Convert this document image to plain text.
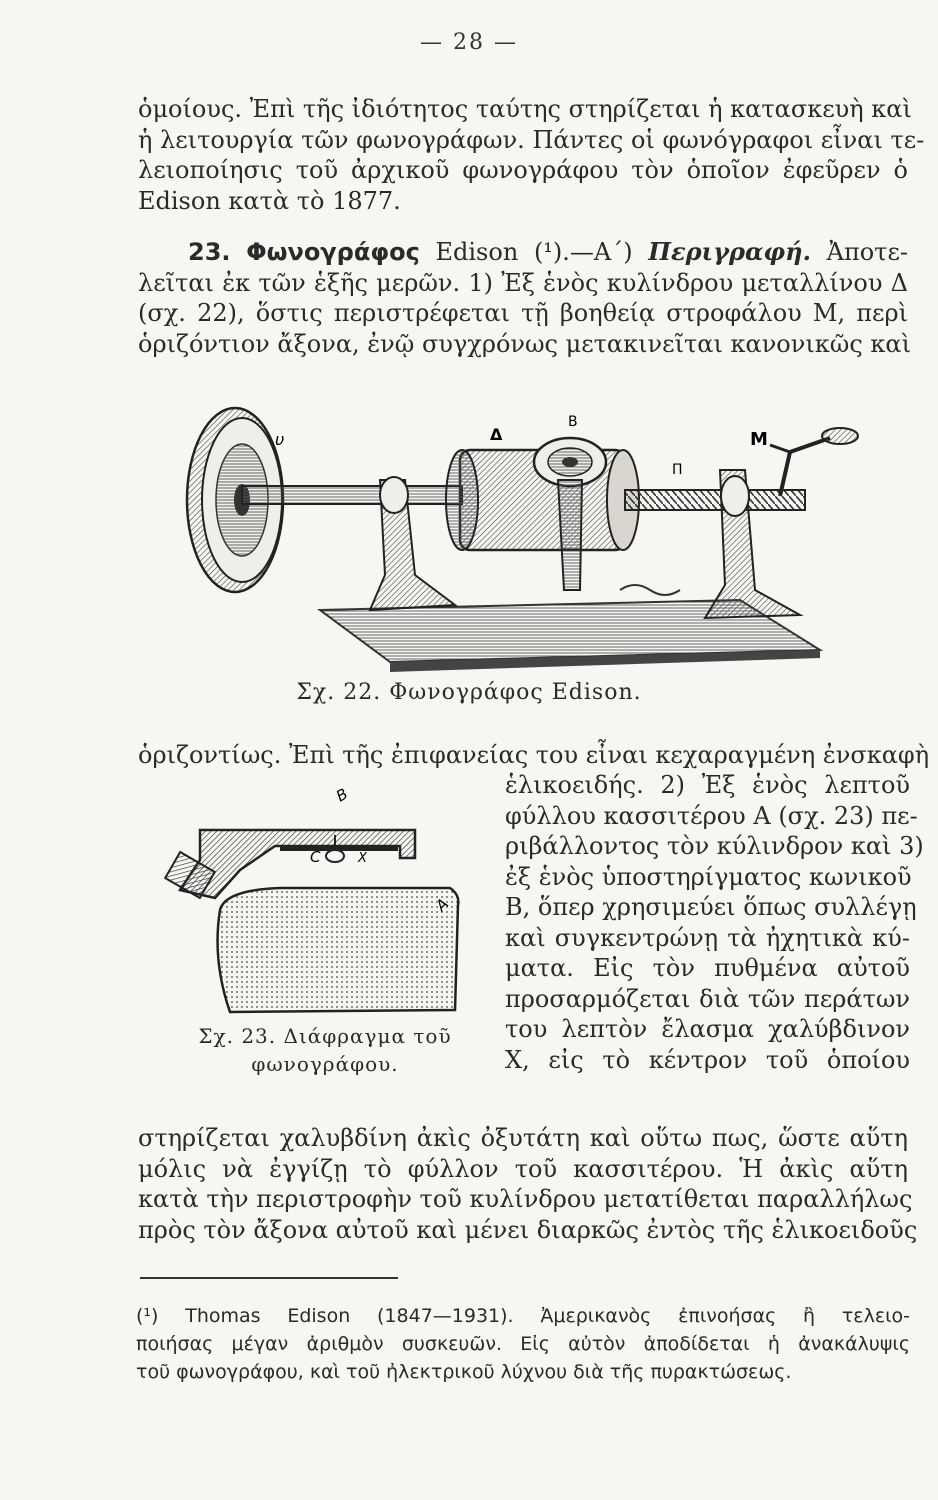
— 28 —
ὁμοίους. Ἐπὶ τῆς ἰδιότητος ταύτης στηρίζεται ἡ κατασκευὴ καὶ
ἡ λειτουργία τῶν φωνογράφων. Πάντες οἱ φωνόγραφοι εἶναι τε-
λειοποίησις τοῦ ἀρχικοῦ φωνογράφου τὸν ὁποῖον ἐφεῦρεν ὁ
Edison κατὰ τὸ 1877.
23. Φωνογράφος Edison (¹).—Α΄) Περιγραφή. Ἀποτε-
λεῖται ἐκ τῶν ἑξῆς μερῶν. 1) Ἐξ ἑνὸς κυλίνδρου μεταλλίνου Δ
(σχ. 22), ὅστις περιστρέφεται τῇ βοηθείᾳ στροφάλου Μ, περὶ
ὁριζόντιον ἄξονα, ἐνῷ συγχρόνως μετακινεῖται κανονικῶς καὶ
υ	Δ
Β
Μ
Π
Σχ. 22. Φωνογράφος Edison.
ὁριζοντίως. Ἐπὶ τῆς ἐπιφανείας του εἶναι κεχαραγμένη ἐνσκαφὴ
Β
C	Χ
Α
Σχ. 23. Διάφραγμα τοῦ
φωνογράφου.
ἑλικοειδής. 2) Ἐξ ἑνὸς λεπτοῦ
φύλλου κασσιτέρου Α (σχ. 23) πε-
ριβάλλοντος τὸν κύλινδρον καὶ 3)
ἐξ ἑνὸς ὑποστηρίγματος κωνικοῦ
Β, ὅπερ χρησιμεύει ὅπως συλλέγῃ
καὶ συγκεντρώνῃ τὰ ἠχητικὰ κύ-
ματα. Εἰς τὸν πυθμένα αὐτοῦ
προσαρμόζεται διὰ τῶν περάτων
του λεπτὸν ἔλασμα χαλύβδινον
Χ, εἰς τὸ κέντρον τοῦ ὁποίου
στηρίζεται χαλυβδίνη ἀκὶς ὀξυτάτη καὶ οὕτω πως, ὥστε αὕτη
μόλις νὰ ἐγγίζῃ τὸ φύλλον τοῦ κασσιτέρου. Ἡ ἀκὶς αὕτη
κατὰ τὴν περιστροφὴν τοῦ κυλίνδρου μετατίθεται παραλλήλως
πρὸς τὸν ἄξονα αὐτοῦ καὶ μένει διαρκῶς ἐντὸς τῆς ἑλικοειδοῦς
(¹) Thomas Edison (1847—1931). Ἀμερικανὸς ἐπινοήσας ἢ τελειο-
ποιήσας μέγαν ἀριθμὸν συσκευῶν. Εἰς αὐτὸν ἀποδίδεται ἡ ἀνακάλυψις
τοῦ φωνογράφου, καὶ τοῦ ἠλεκτρικοῦ λύχνου διὰ τῆς πυρακτώσεως.
